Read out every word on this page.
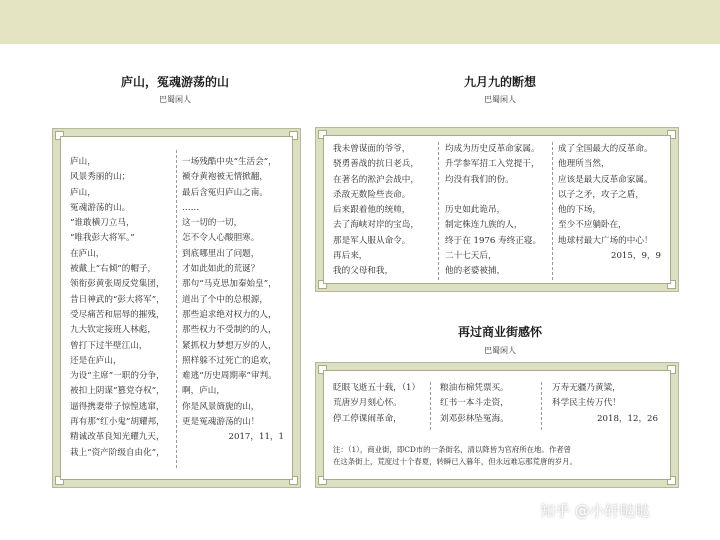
庐山，冤魂游荡的山
巴蜀闲人
庐山，
风景秀丽的山；
庐山，
冤魂游荡的山。
“谁敢横刀立马，
“唯我彭大将军。”
在庐山，
被戴上“右倾”的帽子，
领衔彭黄张周反党集团，
昔日神武的“彭大将军”，
受尽痛苦和屈辱的摧残，
九大钦定接班人林彪，
曾打下过半壁江山，
还是在庐山，
为设“主席”一职的分争，
被扣上阴谋“篡党夺权”，
逼得携妻带子惊惶逃窜，
再有那“红小鬼”胡耀邦，
精诚改革良知光耀九天，
栽上“资产阶级自由化”，
一场残酷中央“生活会”，
褫夺黄袍被无情掀翻，
最后含冤归庐山之南。
……
这一切的一切，
怎不令人心酸胆寒。
到底哪里出了问题，
才如此如此的荒诞？
那句“马克思加秦始皇”，
道出了个中的总根源，
那些追求绝对权力的人，
那些权力不受制约的人，
紧抓权力梦想万岁的人，
照样躲不过死亡的追欢，
难逃“历史周期率”审判。
啊，庐山，
你是风景旖旎的山，
更是冤魂游荡的山！
2017，11，1
九月九的断想
巴蜀闲人
我未曾谋面的爷爷，
骁勇善战的抗日老兵，
在著名的淞沪会战中，
杀敌无数险些丧命。
后来跟着他的统帅，
去了海峡对岸的宝岛，
那是军人服从命令。
再后来，
我的父母和我，
均成为历史反革命家属。
升学参军招工入党提干，
均没有我们的份。

历史如此诡吊，
制定株连九族的人，
终于在 1976 寿终正寝。
二十七天后，
他的老婆被捕，
成了全国最大的反革命。
他理所当然，
应该是最大反革命家属。
以子之矛，攻子之盾，
他的下场，
至少不应躺卧在，
地球村最大广场的中心！
2015，9，9
再过商业街感怀
巴蜀闲人
眨眼飞逝五十载，（1）
荒唐岁月刻心怀。
停工停课闹革命，
粮油布棉凭票买。
红书一本斗走资，
刘邓彭林坠冤海。
万寿无疆乃黄粱，
科学民主传万代！
2018，12，26
注：（1），商业街，即CD市的一条街名，清以降皆为官府所在地。作者曾
在这条街上，荒度过十个春夏，转瞬已入暮年，但永远难忘那荒唐的岁月。
知乎 @小轩哒哒
